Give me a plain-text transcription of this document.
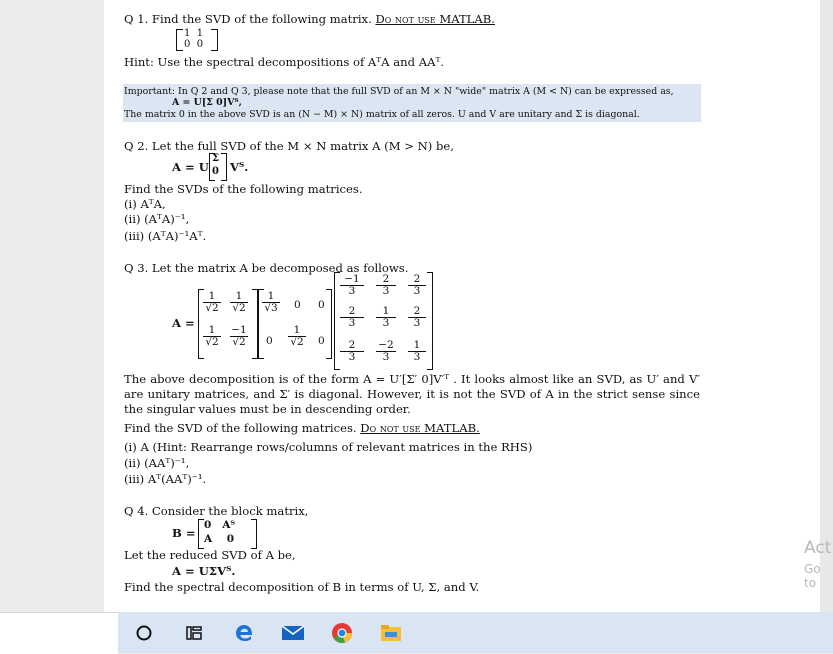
Q 1. Find the SVD of the following matrix. Do not use MATLAB.
1  1
0  0
Hint: Use the spectral decompositions of AᵀA and AAᵀ.
Important: In Q 2 and Q 3, please note that the full SVD of an M × N "wide" matrix A (M < N) can be expressed as,
A = U[Σ 0]Vᵀ,
The matrix 0 in the above SVD is an (N − M) × N) matrix of all zeros. U and V are unitary and Σ is diagonal.
Q 2. Let the full SVD of the M × N matrix A (M > N) be,
A = U
Σ
0 Vᵀ.
Find the SVDs of the following matrices.
(i) AᵀA,
(ii) (AᵀA)⁻¹,
(iii) (AᵀA)⁻¹Aᵀ.
Q 3. Let the matrix A be decomposed as follows.
A =
$\frac{1}{√2} \frac{1}{√2}$
$\frac{1}{√2} \frac{-1}{√2}$
$\frac{1}{√3} 0$ 0
$0 \frac{1}{√2} 0$
$\frac{-1}{3} \frac{2}{3} \frac{2}{3}$
$\frac{2}{3} \frac{1}{3} \frac{2}{3}$
$\frac{2}{3} \frac{-2}{3} \frac{1}{3}$
The above decomposition is of the form A = U′[Σ′ 0]V′ᵀ . It looks almost like an SVD, as U′ and V′ are unitary matrices, and Σ′ is diagonal. However, it is not the SVD of A in the strict sense since the singular values must be in descending order.
Find the SVD of the following matrices. Do not use MATLAB.
(i) A (Hint: Rearrange rows/columns of relevant matrices in the RHS)
(ii) (AAᵀ)⁻¹,
(iii) Aᵀ(AAᵀ)⁻¹.
Q 4. Consider the block matrix,
B =
0   Aᵀ
A    0
Let the reduced SVD of A be,
A = UΣVᵀ.
Find the spectral decomposition of B in terms of U, Σ, and V.
Act
Go to
